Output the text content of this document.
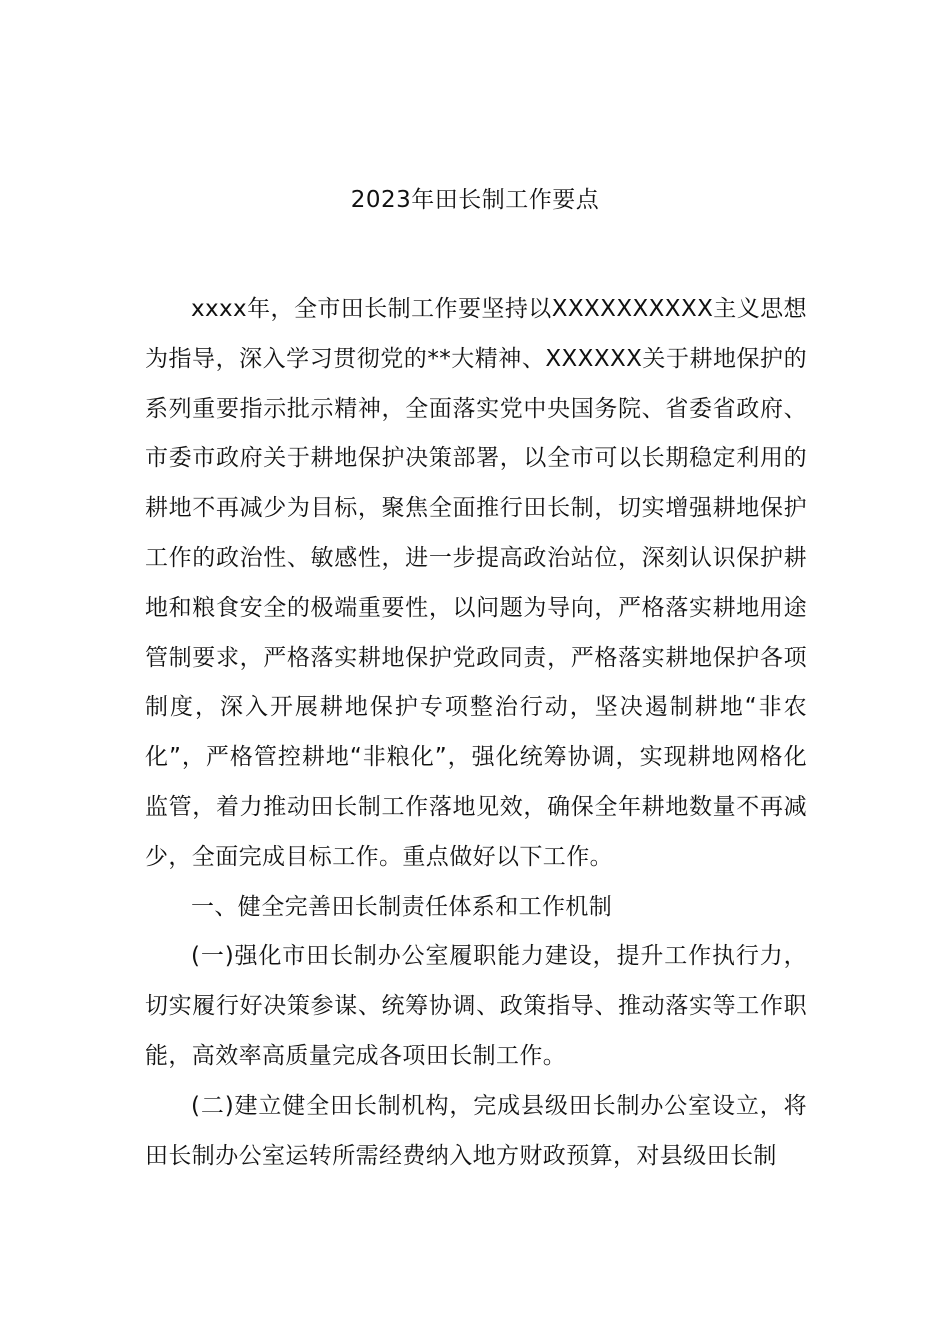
2023年田长制工作要点

xxxx年，全市田长制工作要坚持以XXXXXXXXXX主义思想为指导，深入学习贯彻党的**大精神、XXXXXX关于耕地保护的系列重要指示批示精神，全面落实党中央国务院、省委省政府、市委市政府关于耕地保护决策部署，以全市可以长期稳定利用的耕地不再减少为目标，聚焦全面推行田长制，切实增强耕地保护工作的政治性、敏感性，进一步提高政治站位，深刻认识保护耕地和粮食安全的极端重要性，以问题为导向，严格落实耕地用途管制要求，严格落实耕地保护党政同责，严格落实耕地保护各项制度，深入开展耕地保护专项整治行动，坚决遏制耕地“非农化”，严格管控耕地“非粮化”，强化统筹协调，实现耕地网格化监管，着力推动田长制工作落地见效，确保全年耕地数量不再减少，全面完成目标工作。重点做好以下工作。

一、健全完善田长制责任体系和工作机制

(一)强化市田长制办公室履职能力建设，提升工作执行力，切实履行好决策参谋、统筹协调、政策指导、推动落实等工作职能，高效率高质量完成各项田长制工作。

(二)建立健全田长制机构，完成县级田长制办公室设立，将田长制办公室运转所需经费纳入地方财政预算，对县级田长制
